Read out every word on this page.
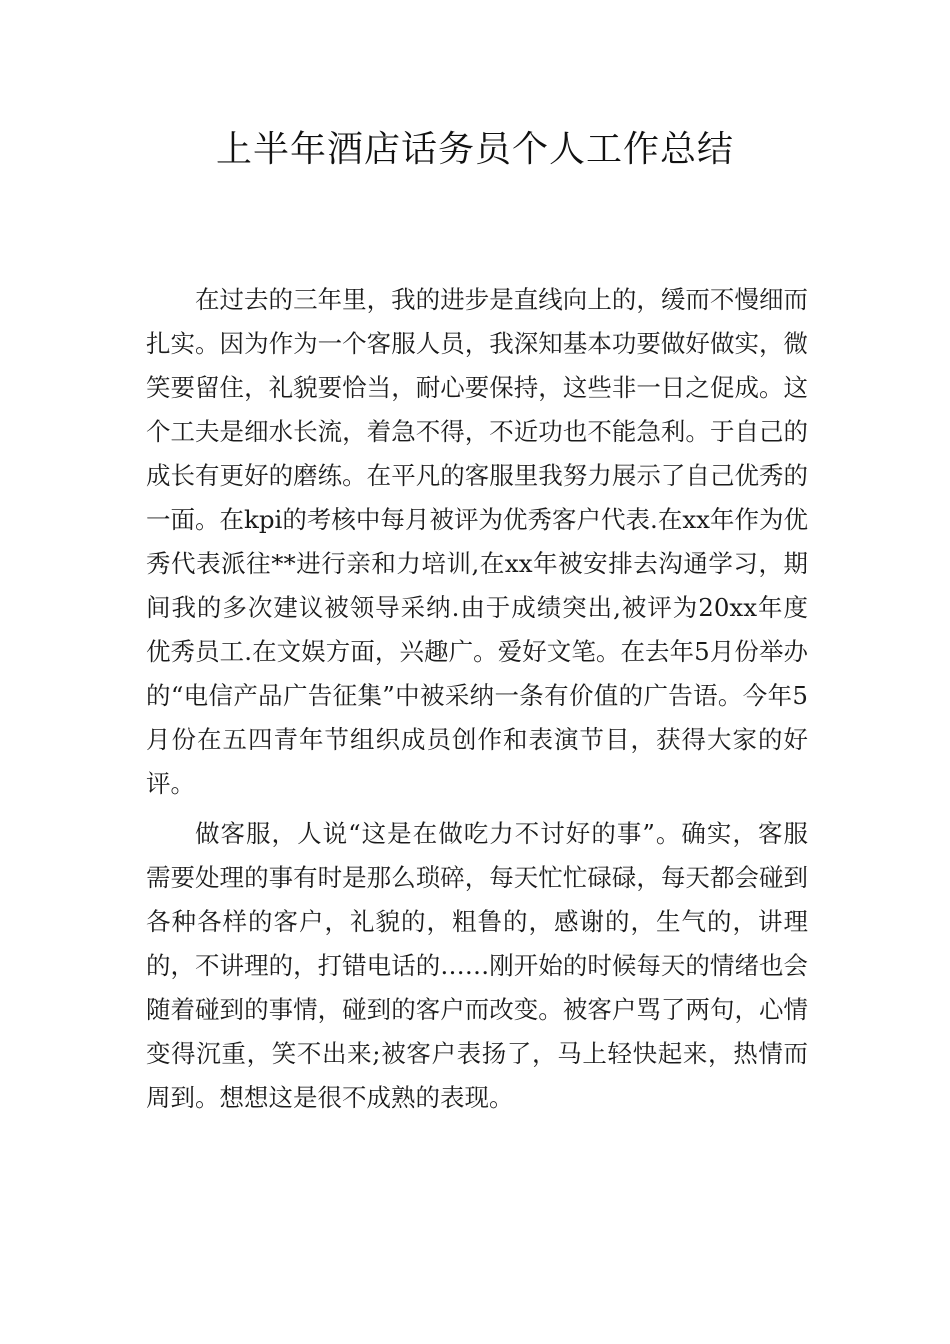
上半年酒店话务员个人工作总结

在过去的三年里，我的进步是直线向上的，缓而不慢细而扎实。因为作为一个客服人员，我深知基本功要做好做实，微笑要留住，礼貌要恰当，耐心要保持，这些非一日之促成。这个工夫是细水长流，着急不得，不近功也不能急利。于自己的成长有更好的磨练。在平凡的客服里我努力展示了自己优秀的一面。在kpi的考核中每月被评为优秀客户代表.在xx年作为优秀代表派往**进行亲和力培训,在xx年被安排去沟通学习，期间我的多次建议被领导采纳.由于成绩突出,被评为20xx年度优秀员工.在文娱方面，兴趣广。爱好文笔。在去年5月份举办的“电信产品广告征集”中被采纳一条有价值的广告语。今年5月份在五四青年节组织成员创作和表演节目，获得大家的好评。

做客服，人说“这是在做吃力不讨好的事”。确实，客服需要处理的事有时是那么琐碎，每天忙忙碌碌，每天都会碰到各种各样的客户，礼貌的，粗鲁的，感谢的，生气的，讲理的，不讲理的，打错电话的……刚开始的时候每天的情绪也会随着碰到的事情，碰到的客户而改变。被客户骂了两句，心情变得沉重，笑不出来;被客户表扬了，马上轻快起来，热情而周到。想想这是很不成熟的表现。
